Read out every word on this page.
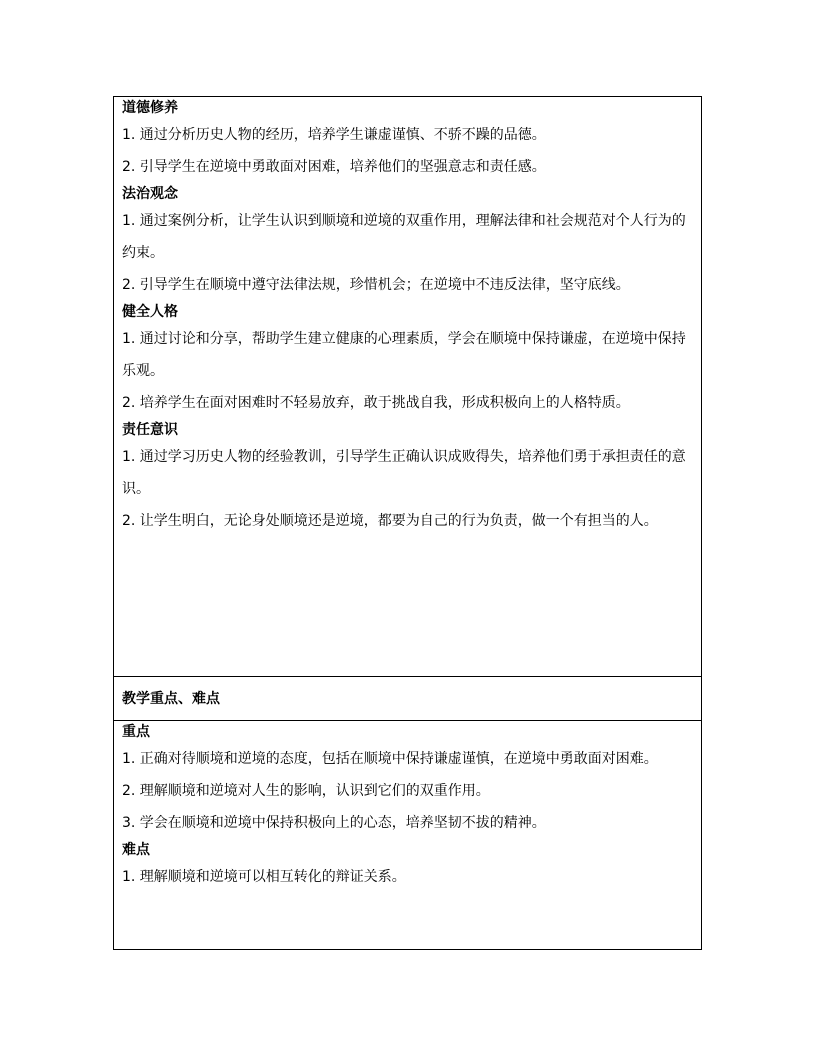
道德修养

1. 通过分析历史人物的经历，培养学生谦虚谨慎、不骄不躁的品德。

2. 引导学生在逆境中勇敢面对困难，培养他们的坚强意志和责任感。

法治观念

1. 通过案例分析，让学生认识到顺境和逆境的双重作用，理解法律和社会规范对个人行为的约束。

2. 引导学生在顺境中遵守法律法规，珍惜机会；在逆境中不违反法律，坚守底线。

健全人格

1. 通过讨论和分享，帮助学生建立健康的心理素质，学会在顺境中保持谦虚，在逆境中保持乐观。

2. 培养学生在面对困难时不轻易放弃，敢于挑战自我，形成积极向上的人格特质。

责任意识

1. 通过学习历史人物的经验教训，引导学生正确认识成败得失，培养他们勇于承担责任的意识。

2. 让学生明白，无论身处顺境还是逆境，都要为自己的行为负责，做一个有担当的人。

教学重点、难点

重点

1. 正确对待顺境和逆境的态度，包括在顺境中保持谦虚谨慎，在逆境中勇敢面对困难。

2. 理解顺境和逆境对人生的影响，认识到它们的双重作用。

3. 学会在顺境和逆境中保持积极向上的心态，培养坚韧不拔的精神。

难点

1. 理解顺境和逆境可以相互转化的辩证关系。
